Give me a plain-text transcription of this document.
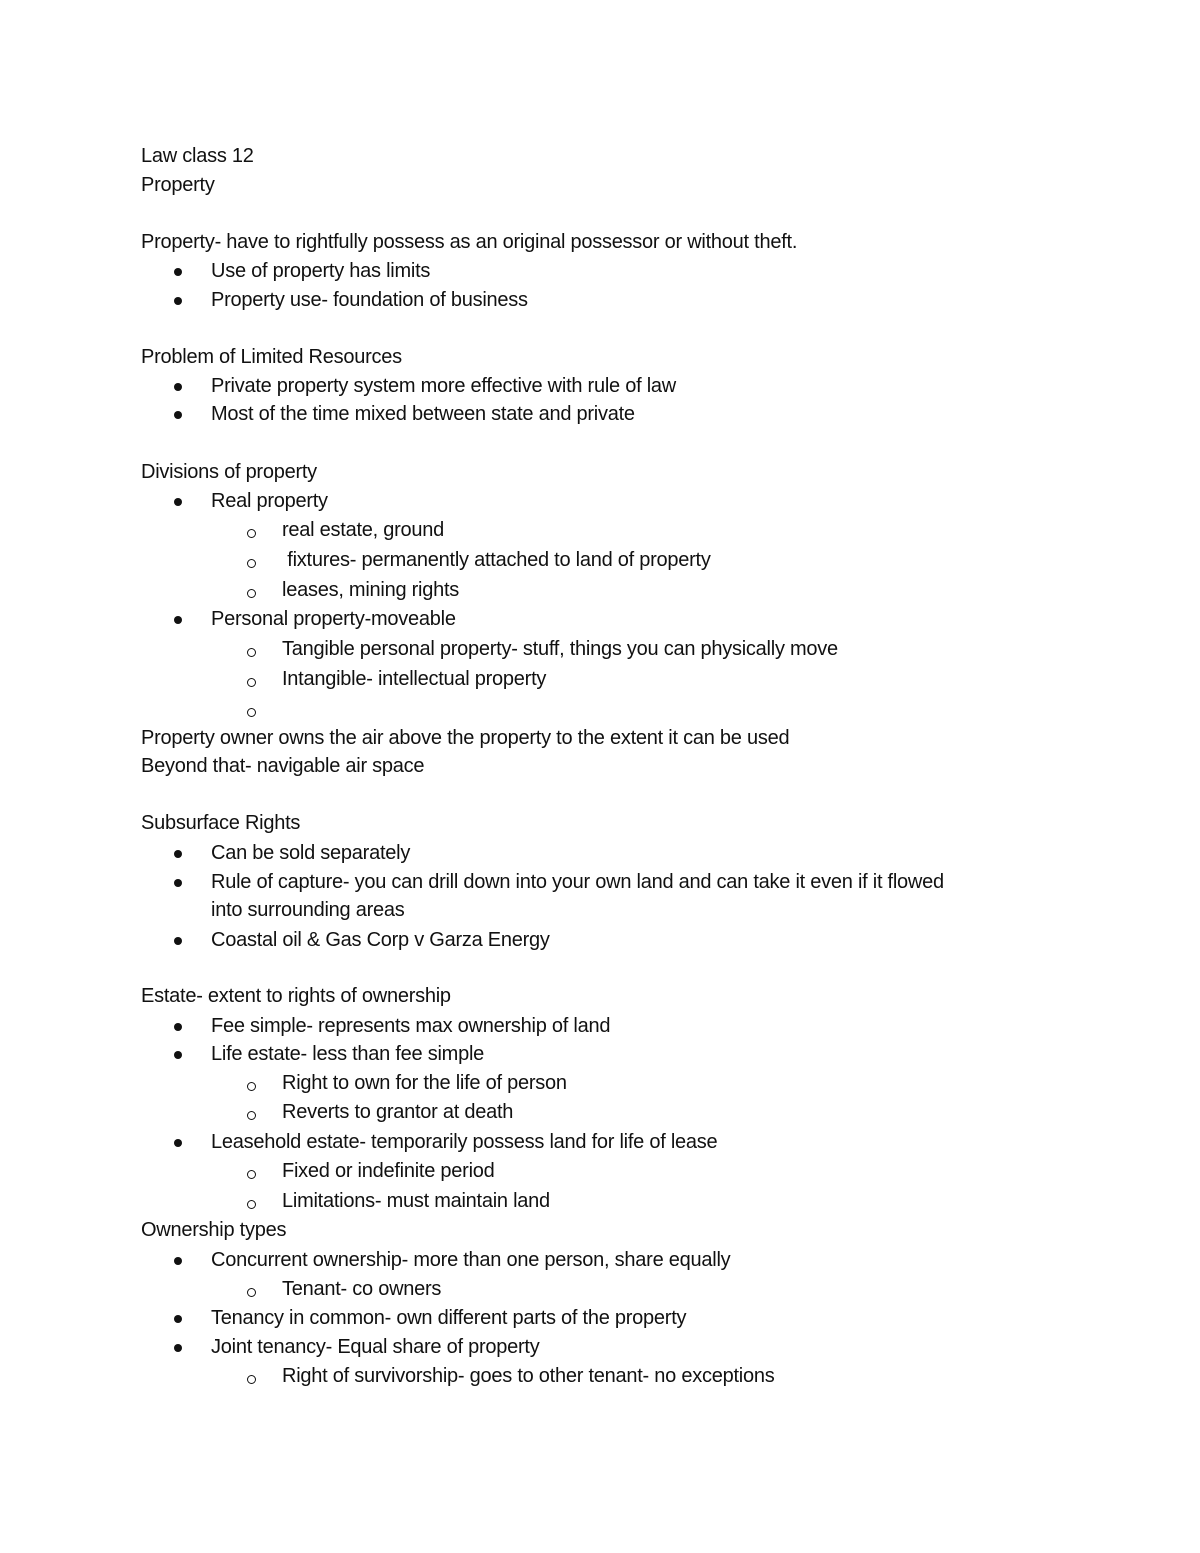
Law class 12
Property
Property- have to rightfully possess as an original possessor or without theft.
Use of property has limits
Property use- foundation of business
Problem of Limited Resources
Private property system more effective with rule of law
Most of the time mixed between state and private
Divisions of property
Real property
real estate, ground
fixtures- permanently attached to land of property
leases, mining rights
Personal property-moveable
Tangible personal property- stuff, things you can physically move
Intangible- intellectual property
Property owner owns the air above the property to the extent it can be used
Beyond that- navigable air space
Subsurface Rights
Can be sold separately
Rule of capture- you can drill down into your own land and can take it even if it flowed
into surrounding areas
Coastal oil & Gas Corp v Garza Energy
Estate- extent to rights of ownership
Fee simple- represents max ownership of land
Life estate- less than fee simple
Right to own for the life of person
Reverts to grantor at death
Leasehold estate- temporarily possess land for life of lease
Fixed or indefinite period
Limitations- must maintain land
Ownership types
Concurrent ownership- more than one person, share equally
Tenant- co owners
Tenancy in common- own different parts of the property
Joint tenancy- Equal share of property
Right of survivorship- goes to other tenant- no exceptions
